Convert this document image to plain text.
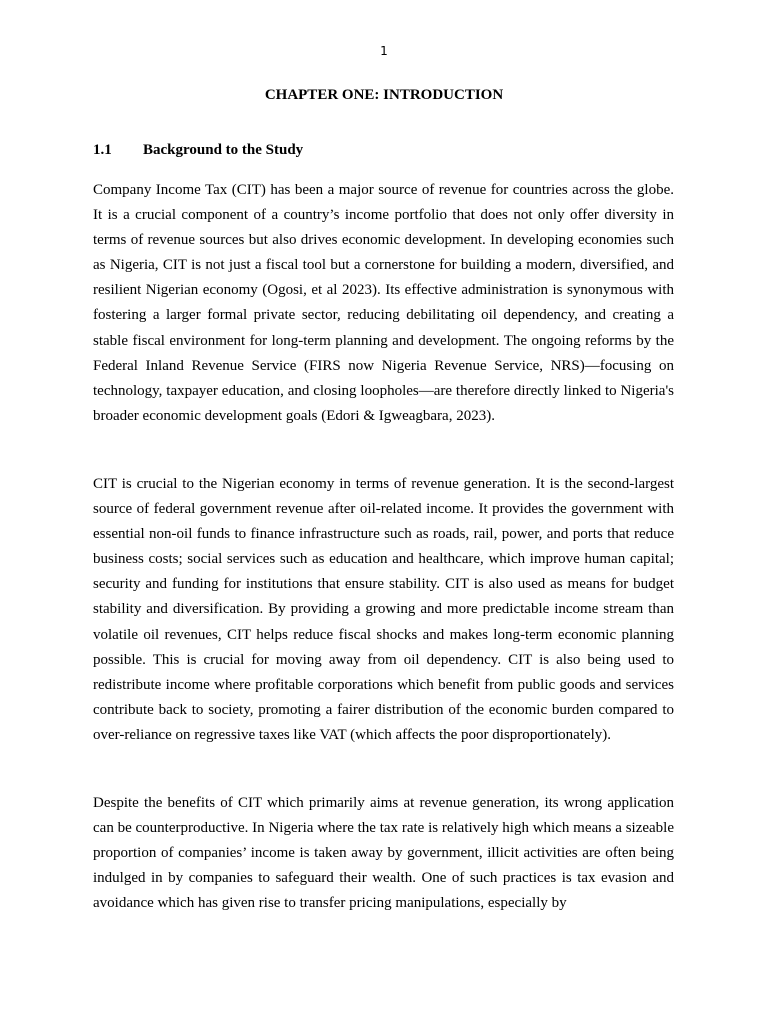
1
CHAPTER ONE: INTRODUCTION
1.1	Background to the Study

Company Income Tax (CIT) has been a major source of revenue for countries across the globe. It is a crucial component of a country’s income portfolio that does not only offer diversity in terms of revenue sources but also drives economic development. In developing economies such as Nigeria, CIT is not just a fiscal tool but a cornerstone for building a modern, diversified, and resilient Nigerian economy (Ogosi, et al 2023). Its effective administration is synonymous with fostering a larger formal private sector, reducing debilitating oil dependency, and creating a stable fiscal environment for long-term planning and development. The ongoing reforms by the Federal Inland Revenue Service (FIRS now Nigeria Revenue Service, NRS)—focusing on technology, taxpayer education, and closing loopholes—are therefore directly linked to Nigeria's broader economic development goals (Edori & Igweagbara, 2023).

CIT is crucial to the Nigerian economy in terms of revenue generation. It is the second-largest source of federal government revenue after oil-related income. It provides the government with essential non-oil funds to finance infrastructure such as roads, rail, power, and ports that reduce business costs; social services such as education and healthcare, which improve human capital; security and funding for institutions that ensure stability. CIT is also used as means for budget stability and diversification. By providing a growing and more predictable income stream than volatile oil revenues, CIT helps reduce fiscal shocks and makes long-term economic planning possible. This is crucial for moving away from oil dependency. CIT is also being used to redistribute income where profitable corporations which benefit from public goods and services contribute back to society, promoting a fairer distribution of the economic burden compared to over-reliance on regressive taxes like VAT (which affects the poor disproportionately).

Despite the benefits of CIT which primarily aims at revenue generation, its wrong application can be counterproductive. In Nigeria where the tax rate is relatively high which means a sizeable proportion of companies’ income is taken away by government, illicit activities are often being indulged in by companies to safeguard their wealth. One of such practices is tax evasion and avoidance which has given rise to transfer pricing manipulations, especially by
